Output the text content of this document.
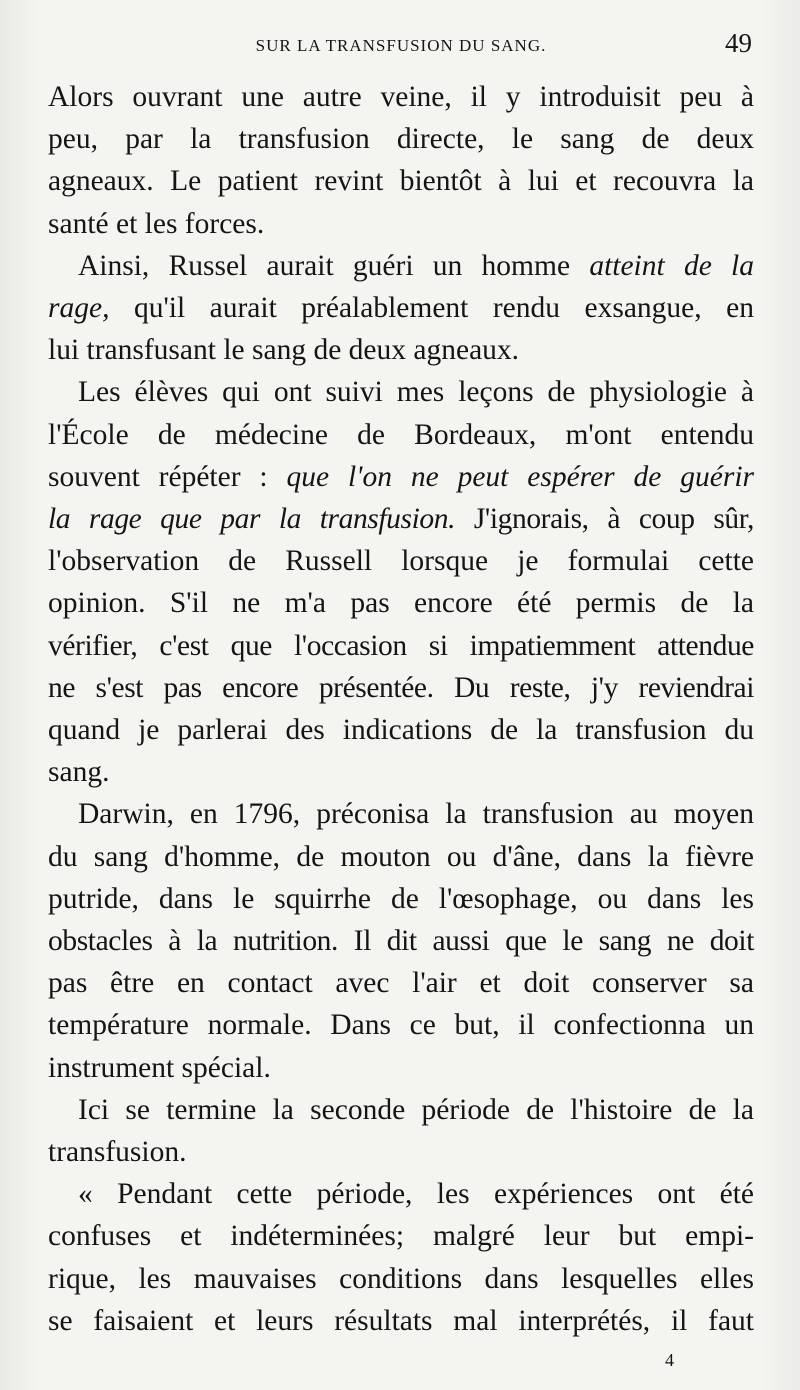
SUR LA TRANSFUSION DU SANG.	49

Alors ouvrant une autre veine, il y introduisit peu à
peu, par la transfusion directe, le sang de deux
agneaux. Le patient revint bientôt à lui et recouvra la
santé et les forces.

Ainsi, Russel aurait guéri un homme atteint de la
rage, qu'il aurait préalablement rendu exsangue, en
lui transfusant le sang de deux agneaux.

Les élèves qui ont suivi mes leçons de physiologie à
l'École de médecine de Bordeaux, m'ont entendu
souvent répéter : que l'on ne peut espérer de guérir
la rage que par la transfusion. J'ignorais, à coup sûr,
l'observation de Russell lorsque je formulai cette
opinion. S'il ne m'a pas encore été permis de la
vérifier, c'est que l'occasion si impatiemment attendue
ne s'est pas encore présentée. Du reste, j'y reviendrai
quand je parlerai des indications de la transfusion du
sang.

Darwin, en 1796, préconisa la transfusion au moyen
du sang d'homme, de mouton ou d'âne, dans la fièvre
putride, dans le squirrhe de l'œsophage, ou dans les
obstacles à la nutrition. Il dit aussi que le sang ne doit
pas être en contact avec l'air et doit conserver sa
température normale. Dans ce but, il confectionna un
instrument spécial.

Ici se termine la seconde période de l'histoire de la
transfusion.

« Pendant cette période, les expériences ont été
confuses et indéterminées; malgré leur but empi-
rique, les mauvaises conditions dans lesquelles elles
se faisaient et leurs résultats mal interprétés, il faut

4
